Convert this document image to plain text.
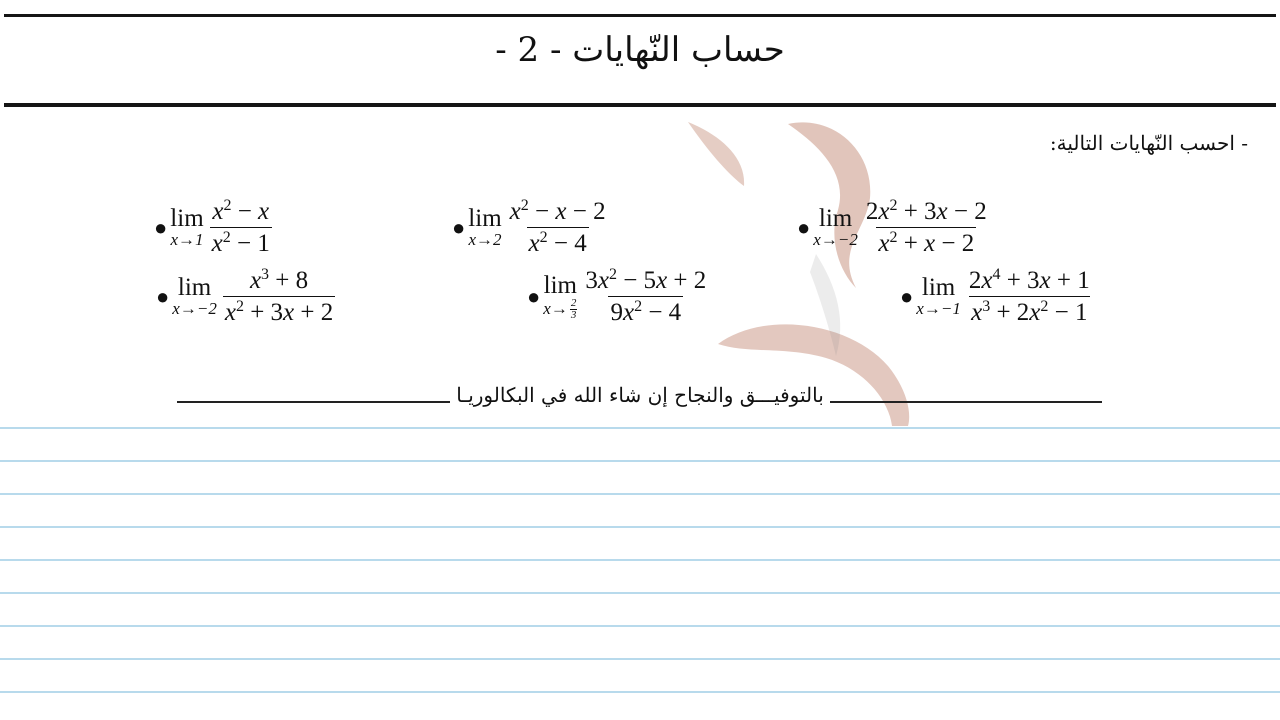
حساب النّهايات - 2 -
- احسب النّهايات التالية:
● lim
$x\to 1 \frac{x^2 - x}{x^2 - 1}$	● lim
$x\to 2 \frac{x^2 - x - 2}{x^2 - 4}$	● lim
$x\to-2 \frac{2x^2 + 3x - 2}{x^2 + x - 2}$
● lim
$x\to-2 \frac{x^3 + 8}{x^2 + 3x + 2}$	● lim
x → 2
$3 \frac{3x^2 - 5x + 2}{9x^2 - 4}$	● lim
$x\to-1 \frac{2x^4 + 3x + 1}{x^3 + 2x^2 - 1}$
بالتوفيـــق والنجاح إن شاء الله في البكالوريـا
